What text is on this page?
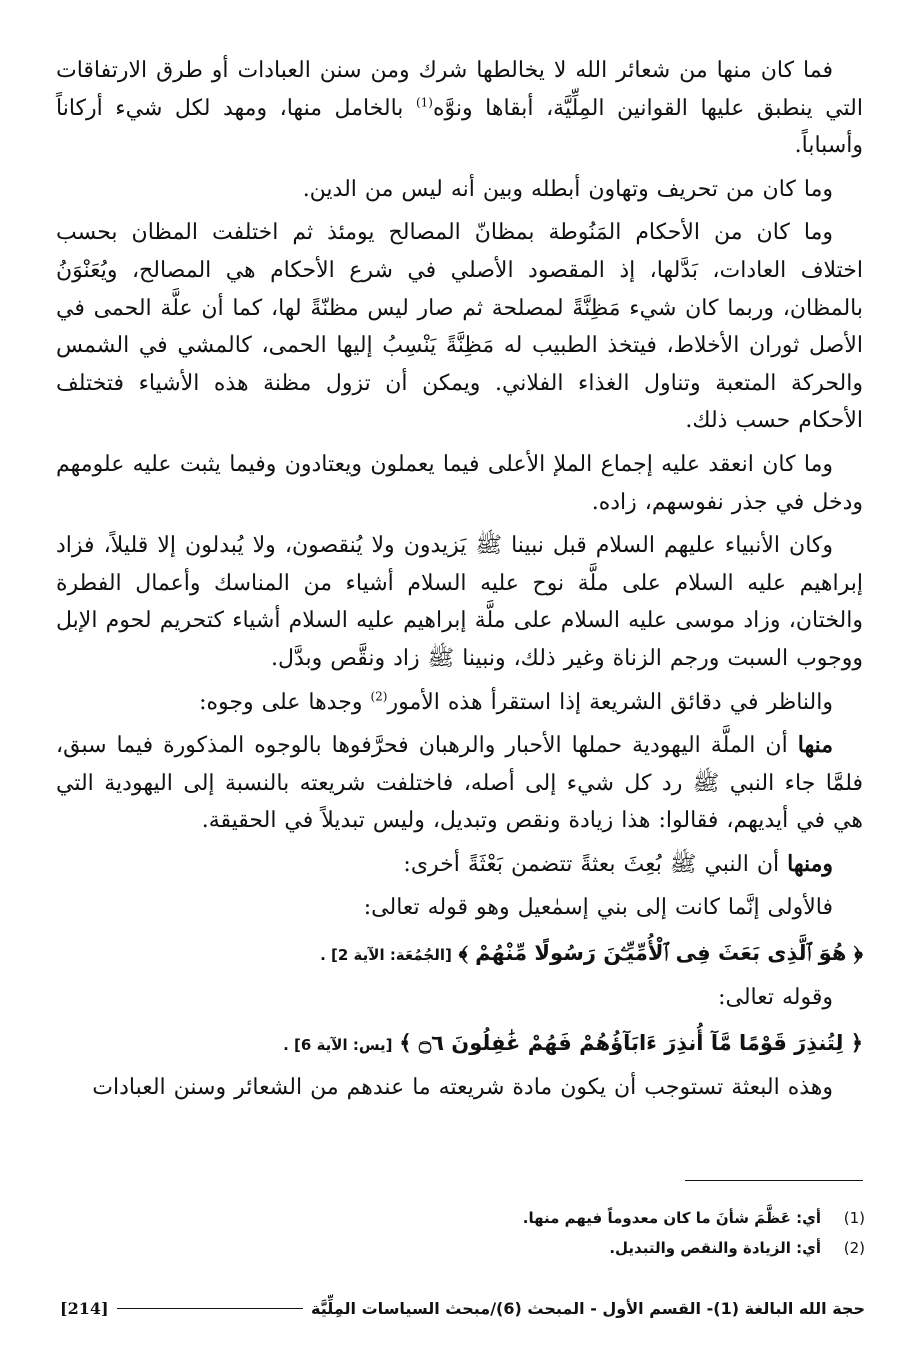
فما كان منها من شعائر الله لا يخالطها شرك ومن سنن العبادات أو طرق الارتفاقات التي ينطبق عليها القوانين المِلِّيَّة، أبقاها ونوَّه$^{(1)}$ بالخامل منها، ومهد لكل شيء أركاناً وأسباباً.

وما كان من تحريف وتهاون أبطله وبين أنه ليس من الدين.

وما كان من الأحكام المَنُوطة بمظانّ المصالح يومئذ ثم اختلفت المظان بحسب اختلاف العادات، بَدَّلها، إذ المقصود الأصلي في شرع الأحكام هي المصالح، ويُعَنْوَنُ بالمظان، وربما كان شيء مَظِنَّةً لمصلحة ثم صار ليس مظنّةً لها، كما أن علَّة الحمى في الأصل ثوران الأخلاط، فيتخذ الطبيب له مَظِنَّةً يَنْسِبُ إليها الحمى، كالمشي في الشمس والحركة المتعبة وتناول الغذاء الفلاني. ويمكن أن تزول مظنة هذه الأشياء فتختلف الأحكام حسب ذلك.

وما كان انعقد عليه إجماع الملإ الأعلى فيما يعملون ويعتادون وفيما يثبت عليه علومهم ودخل في جذر نفوسهم، زاده.

وكان الأنبياء عليهم السلام قبل نبينا ﷺ يَزيدون ولا يُنقصون، ولا يُبدلون إلا قليلاً، فزاد إبراهيم عليه السلام على ملَّة نوح عليه السلام أشياء من المناسك وأعمال الفطرة والختان، وزاد موسى عليه السلام على ملَّة إبراهيم عليه السلام أشياء كتحريم لحوم الإبل ووجوب السبت ورجم الزناة وغير ذلك، ونبينا ﷺ زاد ونقَّص وبدَّل.

والناظر في دقائق الشريعة إذا استقرأ هذه الأمور$^{(2)}$ وجدها على وجوه:

منها أن الملَّة اليهودية حملها الأحبار والرهبان فحرَّفوها بالوجوه المذكورة فيما سبق، فلمَّا جاء النبي ﷺ رد كل شيء إلى أصله، فاختلفت شريعته بالنسبة إلى اليهودية التي هي في أيديهم، فقالوا: هذا زيادة ونقص وتبديل، وليس تبديلاً في الحقيقة.

ومنها أن النبي ﷺ بُعِثَ بعثةً تتضمن بَعْثَةً أخرى:

فالأولى إنَّما كانت إلى بني إسمٰعيل وهو قوله تعالى:

﴿ هُوَ ٱلَّذِى بَعَثَ فِى ٱلْأُمِّيِّـۧنَ رَسُولًا مِّنْهُمْ ﴾ [الجُمُعَة: الآية 2] .

وقوله تعالى:

﴿ لِتُنذِرَ قَوْمًا مَّآ أُنذِرَ ءَابَآؤُهُمْ فَهُمْ غَٰفِلُونَ ۝٦ ﴾ [يس: الآية 6] .

وهذه البعثة تستوجب أن يكون مادة شريعته ما عندهم من الشعائر وسنن العبادات

(1)
أي: عَظَّمَ شأنَ ما كان معدوماً فيهم منها.
(2)
أي: الزيادة والنقص والتبديل.
حجة الله البالغة (1)- القسم الأول - المبحث (6)/مبحث السياسات المِلِّيَّة
[214]
